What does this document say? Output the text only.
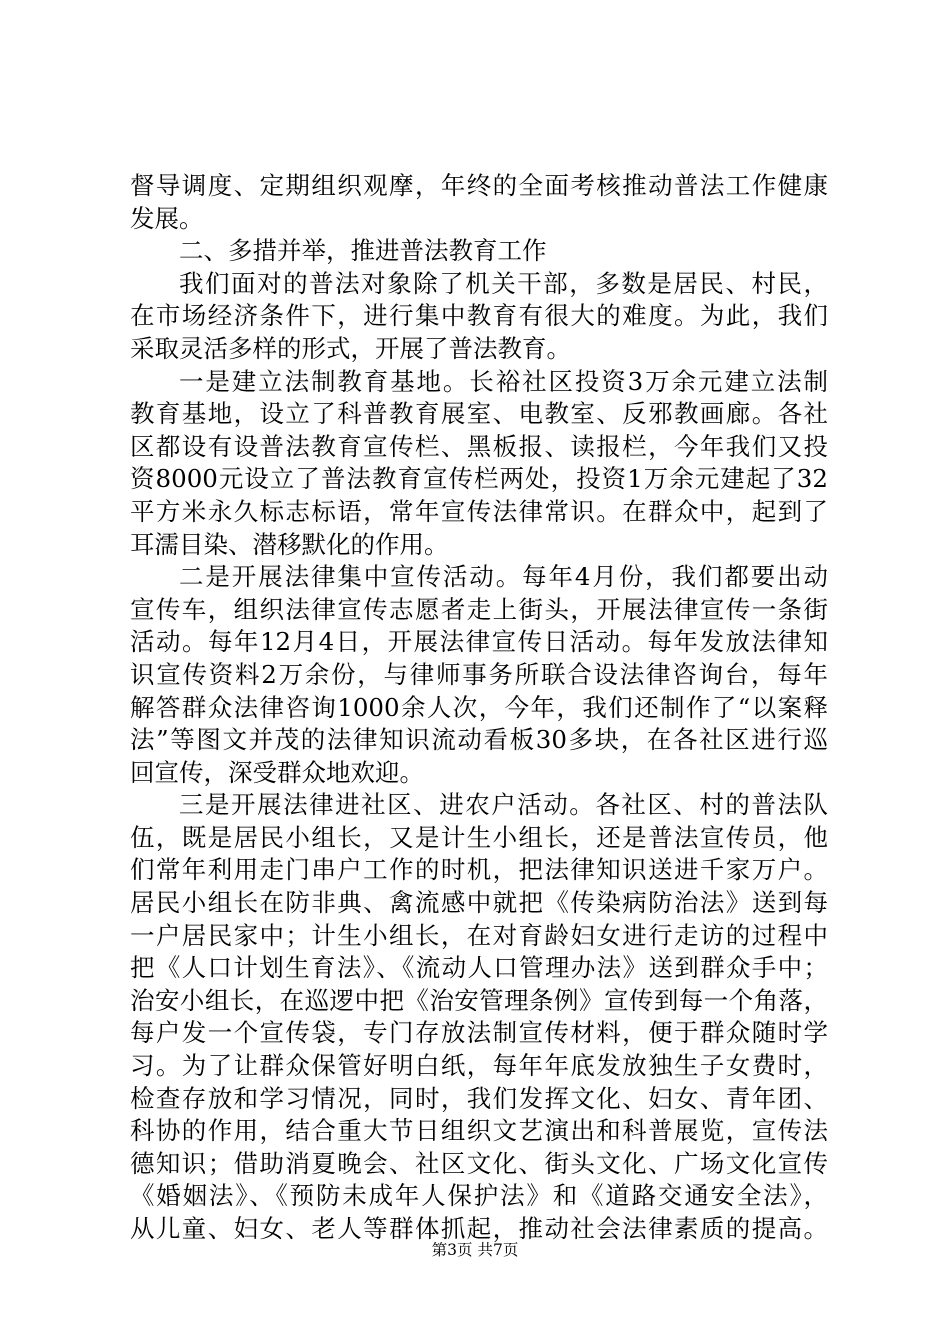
督导调度、定期组织观摩，年终的全面考核推动普法工作健康
发展。
二、多措并举，推进普法教育工作
我们面对的普法对象除了机关干部，多数是居民、村民，
在市场经济条件下，进行集中教育有很大的难度。为此，我们
采取灵活多样的形式，开展了普法教育。
一是建立法制教育基地。长裕社区投资3万余元建立法制
教育基地，设立了科普教育展室、电教室、反邪教画廊。各社
区都设有设普法教育宣传栏、黑板报、读报栏，今年我们又投
资8000元设立了普法教育宣传栏两处，投资1万余元建起了32
平方米永久标志标语，常年宣传法律常识。在群众中，起到了
耳濡目染、潜移默化的作用。
二是开展法律集中宣传活动。每年4月份，我们都要出动
宣传车，组织法律宣传志愿者走上街头，开展法律宣传一条街
活动。每年12月4日，开展法律宣传日活动。每年发放法律知
识宣传资料2万余份，与律师事务所联合设法律咨询台，每年
解答群众法律咨询1000余人次，今年，我们还制作了“以案释
法”等图文并茂的法律知识流动看板30多块，在各社区进行巡
回宣传，深受群众地欢迎。
三是开展法律进社区、进农户活动。各社区、村的普法队
伍，既是居民小组长，又是计生小组长，还是普法宣传员，他
们常年利用走门串户工作的时机，把法律知识送进千家万户。
居民小组长在防非典、禽流感中就把《传染病防治法》送到每
一户居民家中；计生小组长，在对育龄妇女进行走访的过程中
把《人口计划生育法》、《流动人口管理办法》送到群众手中；
治安小组长，在巡逻中把《治安管理条例》宣传到每一个角落，
每户发一个宣传袋，专门存放法制宣传材料，便于群众随时学
习。为了让群众保管好明白纸，每年年底发放独生子女费时，
检查存放和学习情况，同时，我们发挥文化、妇女、青年团、
科协的作用，结合重大节日组织文艺演出和科普展览，宣传法
德知识；借助消夏晚会、社区文化、街头文化、广场文化宣传
《婚姻法》、《预防未成年人保护法》和《道路交通安全法》，
从儿童、妇女、老人等群体抓起，推动社会法律素质的提高。
第3页 共7页
